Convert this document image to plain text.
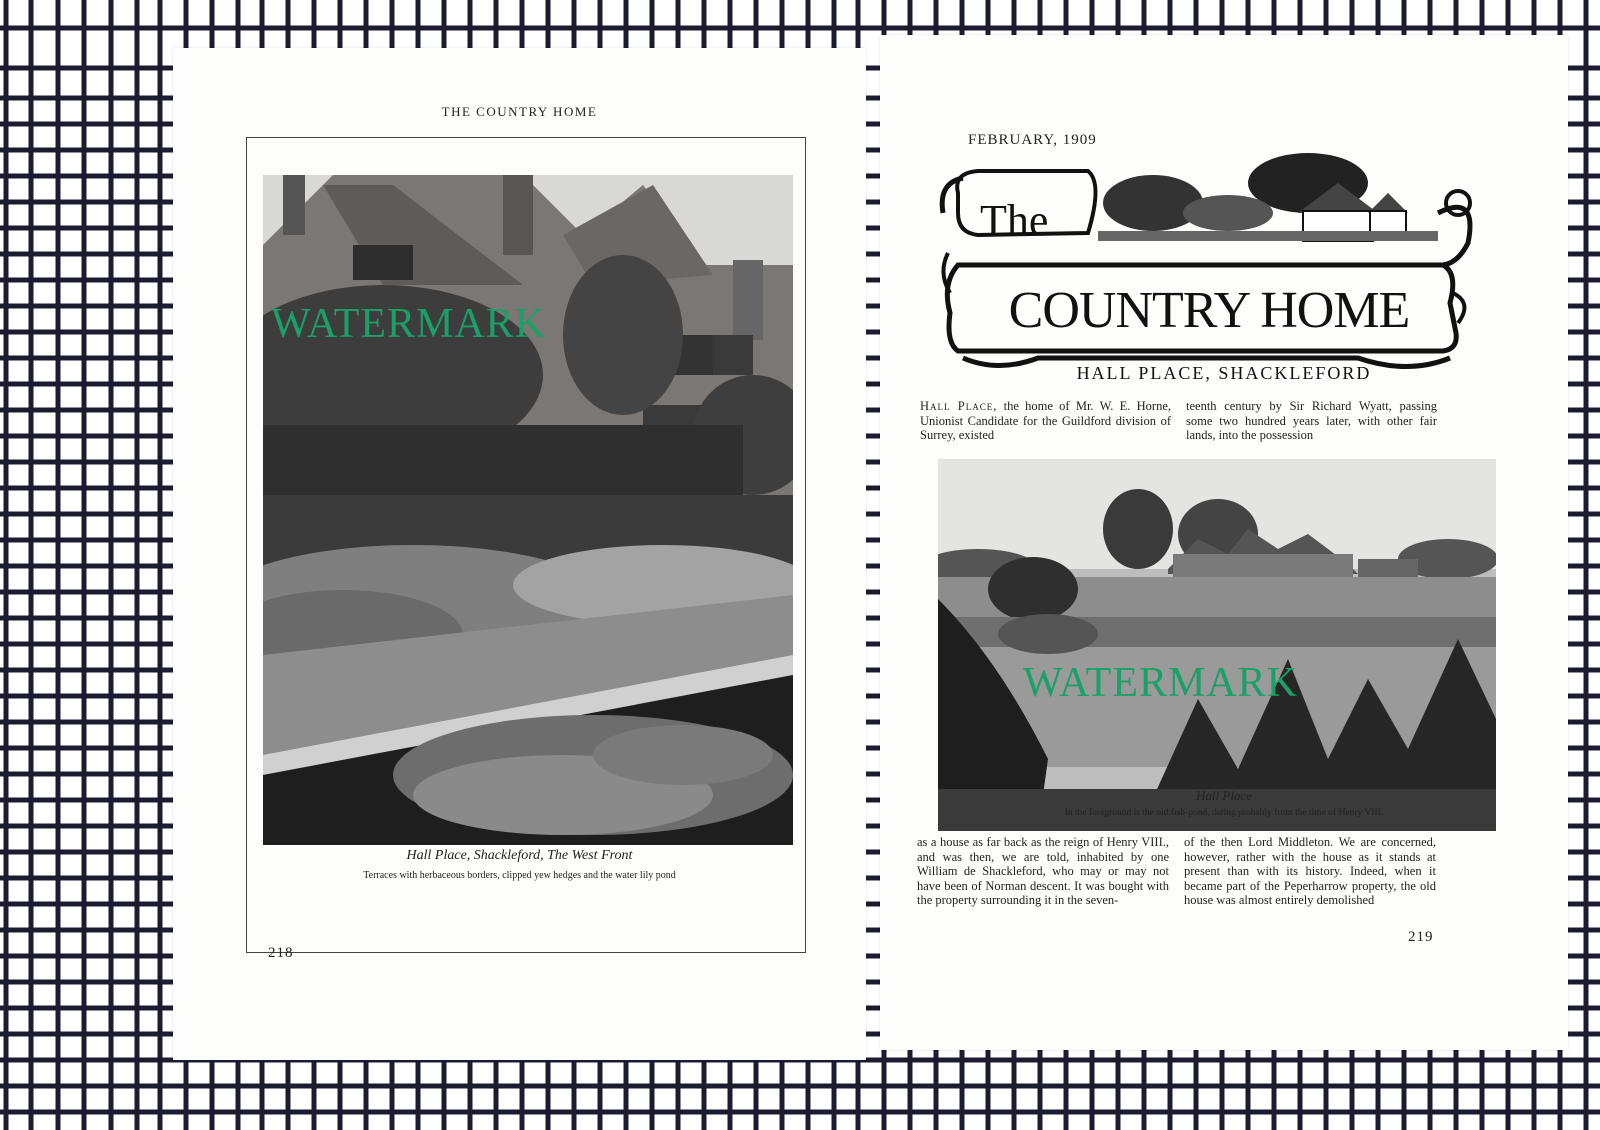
THE COUNTRY HOME
WATERMARK
Hall Place, Shackleford, The West Front
Terraces with herbaceous borders, clipped yew hedges and the water lily pond
218
FEBRUARY, 1909
The
COUNTRY HOME
HALL PLACE, SHACKLEFORD
Hall Place, the home of Mr. W. E. Horne, Unionist Candidate for the Guildford division of Surrey, existed
teenth century by Sir Richard Wyatt, passing some two hundred years later, with other fair lands, into the possession
WATERMARK
Hall Place
In the foreground is the old fish-pond, dating probably from the time of Henry VIII.
as a house as far back as the reign of Henry VIII., and was then, we are told, inhabited by one William de Shackleford, who may or may not have been of Norman descent. It was bought with the property surrounding it in the seven-
of the then Lord Middleton. We are concerned, however, rather with the house as it stands at present than with its history. Indeed, when it became part of the Peperharrow property, the old house was almost entirely demolished
219
